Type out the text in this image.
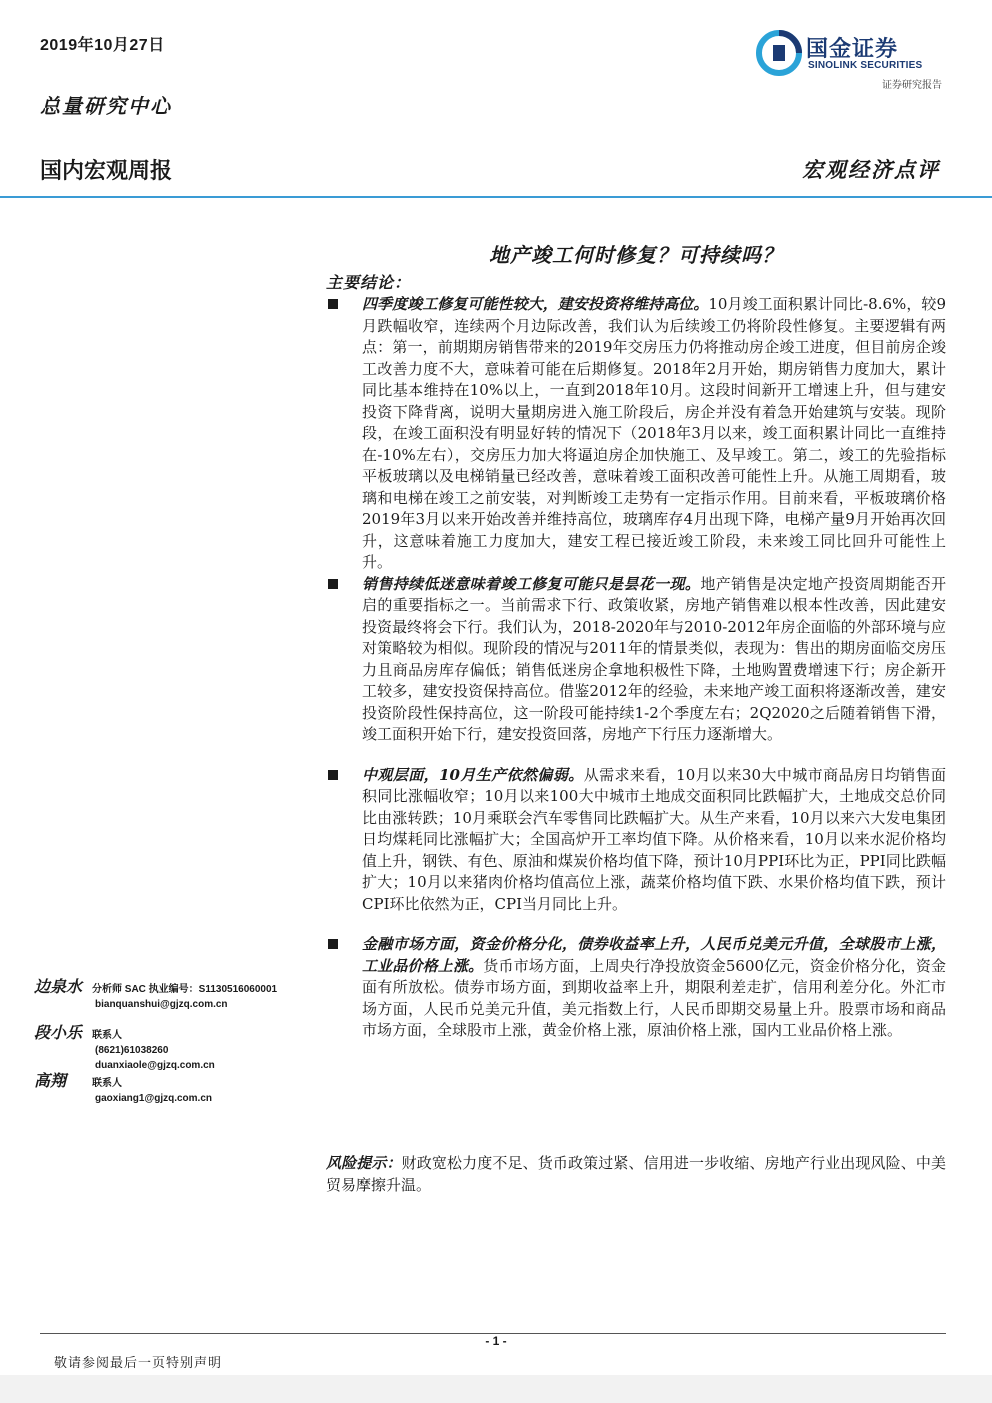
2019年10月27日
总量研究中心
国金证券
SINOLINK SECURITIES
证券研究报告
国内宏观周报	宏观经济点评
地产竣工何时修复？可持续吗？
主要结论：
四季度竣工修复可能性较大，建安投资将维持高位。10月竣工面积累计同比-8.6%，较9月跌幅收窄，连续两个月边际改善，我们认为后续竣工仍将阶段性修复。主要逻辑有两点：第一，前期期房销售带来的2019年交房压力仍将推动房企竣工进度，但目前房企竣工改善力度不大，意味着可能在后期修复。2018年2月开始，期房销售力度加大，累计同比基本维持在10%以上，一直到2018年10月。这段时间新开工增速上升，但与建安投资下降背离，说明大量期房进入施工阶段后，房企并没有着急开始建筑与安装。现阶段，在竣工面积没有明显好转的情况下（2018年3月以来，竣工面积累计同比一直维持在-10%左右），交房压力加大将逼迫房企加快施工、及早竣工。第二，竣工的先验指标平板玻璃以及电梯销量已经改善，意味着竣工面积改善可能性上升。从施工周期看，玻璃和电梯在竣工之前安装，对判断竣工走势有一定指示作用。目前来看，平板玻璃价格2019年3月以来开始改善并维持高位，玻璃库存4月出现下降，电梯产量9月开始再次回升，这意味着施工力度加大，建安工程已接近竣工阶段，未来竣工同比回升可能性上升。
销售持续低迷意味着竣工修复可能只是昙花一现。地产销售是决定地产投资周期能否开启的重要指标之一。当前需求下行、政策收紧，房地产销售难以根本性改善，因此建安投资最终将会下行。我们认为，2018-2020年与2010-2012年房企面临的外部环境与应对策略较为相似。现阶段的情况与2011年的情景类似，表现为：售出的期房面临交房压力且商品房库存偏低；销售低迷房企拿地积极性下降，土地购置费增速下行；房企新开工较多，建安投资保持高位。借鉴2012年的经验，未来地产竣工面积将逐渐改善，建安投资阶段性保持高位，这一阶段可能持续1-2个季度左右；2Q2020之后随着销售下滑，竣工面积开始下行，建安投资回落，房地产下行压力逐渐增大。
中观层面，10月生产依然偏弱。从需求来看，10月以来30大中城市商品房日均销售面积同比涨幅收窄；10月以来100大中城市土地成交面积同比跌幅扩大，土地成交总价同比由涨转跌；10月乘联会汽车零售同比跌幅扩大。从生产来看，10月以来六大发电集团日均煤耗同比涨幅扩大；全国高炉开工率均值下降。从价格来看，10月以来水泥价格均值上升，钢铁、有色、原油和煤炭价格均值下降，预计10月PPI环比为正，PPI同比跌幅扩大；10月以来猪肉价格均值高位上涨，蔬菜价格均值下跌、水果价格均值下跌，预计CPI环比依然为正，CPI当月同比上升。
金融市场方面，资金价格分化，债券收益率上升，人民币兑美元升值，全球股市上涨，工业品价格上涨。货币市场方面，上周央行净投放资金5600亿元，资金价格分化，资金面有所放松。债券市场方面，到期收益率上升，期限利差走扩，信用利差分化。外汇市场方面，人民币兑美元升值，美元指数上行，人民币即期交易量上升。股票市场和商品市场方面，全球股市上涨，黄金价格上涨，原油价格上涨，国内工业品价格上涨。
风险提示：财政宽松力度不足、货币政策过紧、信用进一步收缩、房地产行业出现风险、中美贸易摩擦升温。
边泉水 分析师 SAC 执业编号：S1130516060001
bianquanshui@gjzq.com.cn
段小乐 联系人
(8621)61038260
duanxiaole@gjzq.com.cn
高翔	联系人
gaoxiang1@gjzq.com.cn
- 1 -
敬请参阅最后一页特别声明
